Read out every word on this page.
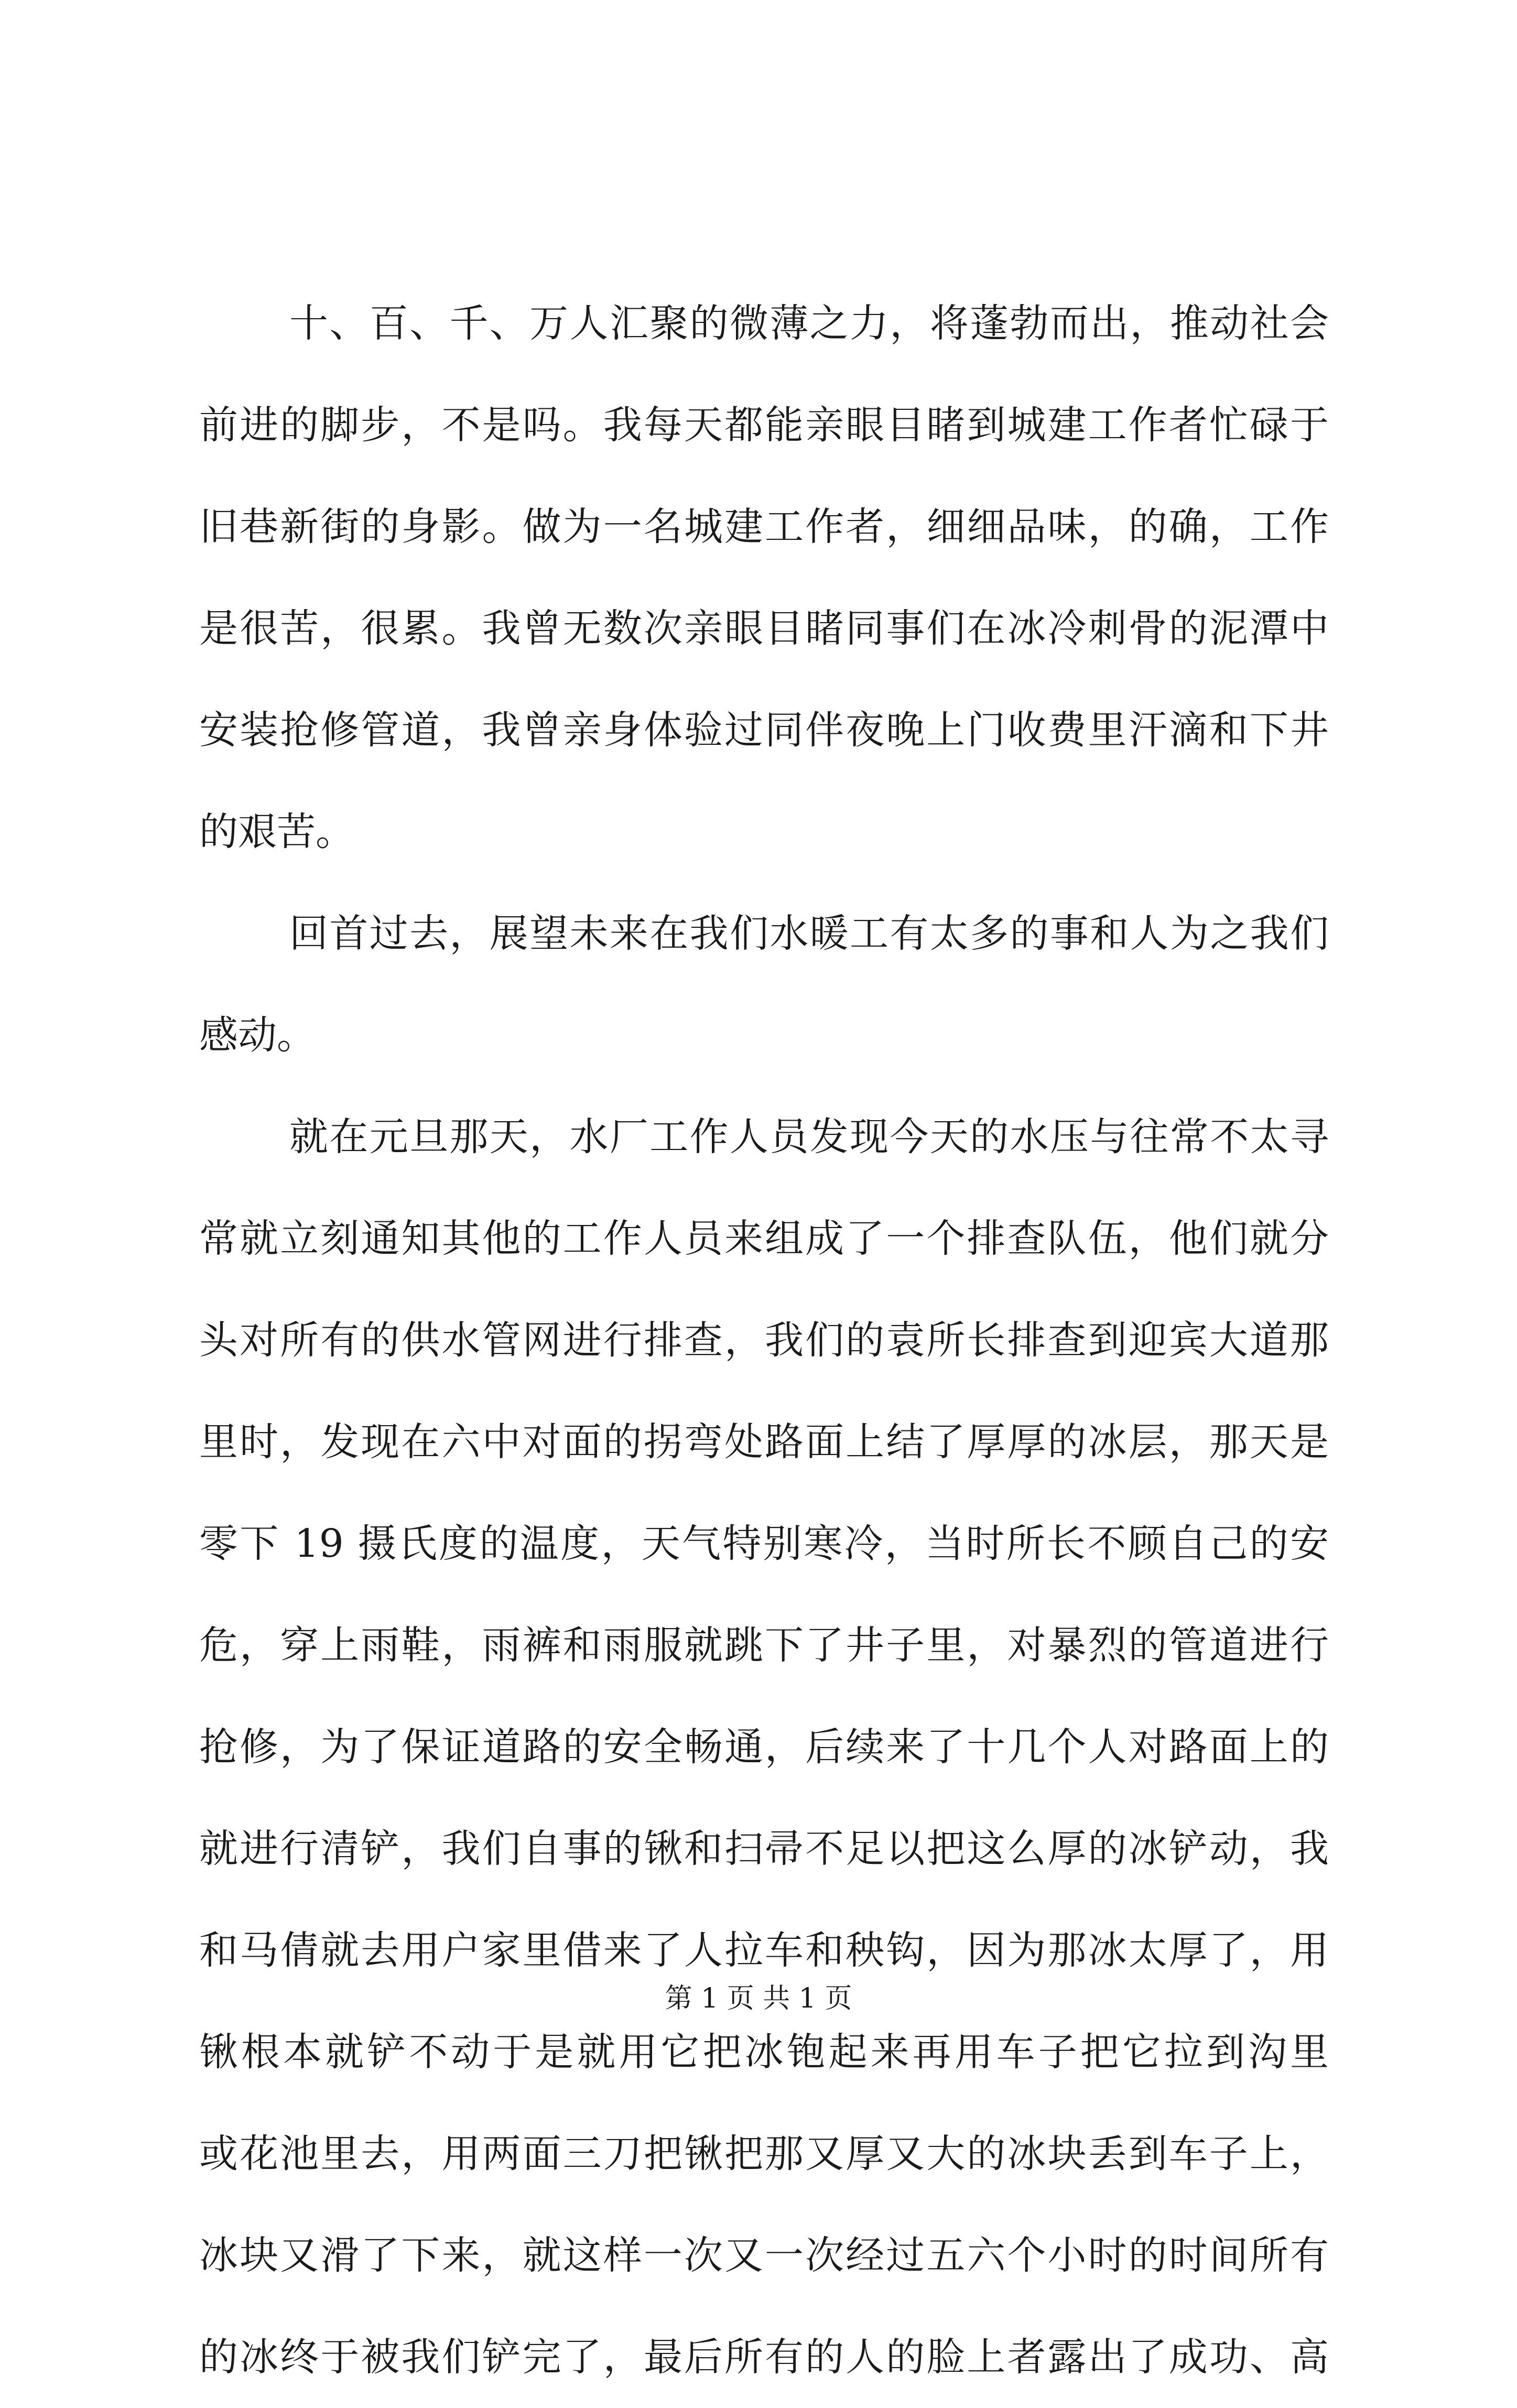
十、百、千、万人汇聚的微薄之力，将蓬勃而出，推动社会
前进的脚步，不是吗。我每天都能亲眼目睹到城建工作者忙碌于
旧巷新街的身影。做为一名城建工作者，细细品味，的确，工作
是很苦，很累。我曾无数次亲眼目睹同事们在冰冷刺骨的泥潭中
安装抢修管道，我曾亲身体验过同伴夜晚上门收费里汗滴和下井
的艰苦。
回首过去，展望未来在我们水暖工有太多的事和人为之我们
感动。
就在元旦那天，水厂工作人员发现今天的水压与往常不太寻
常就立刻通知其他的工作人员来组成了一个排查队伍，他们就分
头对所有的供水管网进行排查，我们的袁所长排查到迎宾大道那
里时，发现在六中对面的拐弯处路面上结了厚厚的冰层，那天是
零下 19 摄氏度的温度，天气特别寒冷，当时所长不顾自己的安
危，穿上雨鞋，雨裤和雨服就跳下了井子里，对暴烈的管道进行
抢修，为了保证道路的安全畅通，后续来了十几个人对路面上的
就进行清铲，我们自事的锹和扫帚不足以把这么厚的冰铲动，我
和马倩就去用户家里借来了人拉车和秧钩，因为那冰太厚了，用
锹根本就铲不动于是就用它把冰铇起来再用车子把它拉到沟里
或花池里去，用两面三刀把锹把那又厚又大的冰块丢到车子上，
冰块又滑了下来，就这样一次又一次经过五六个小时的时间所有
的冰终于被我们铲完了，最后所有的人的脸上者露出了成功、高
第 1 页 共 1 页
